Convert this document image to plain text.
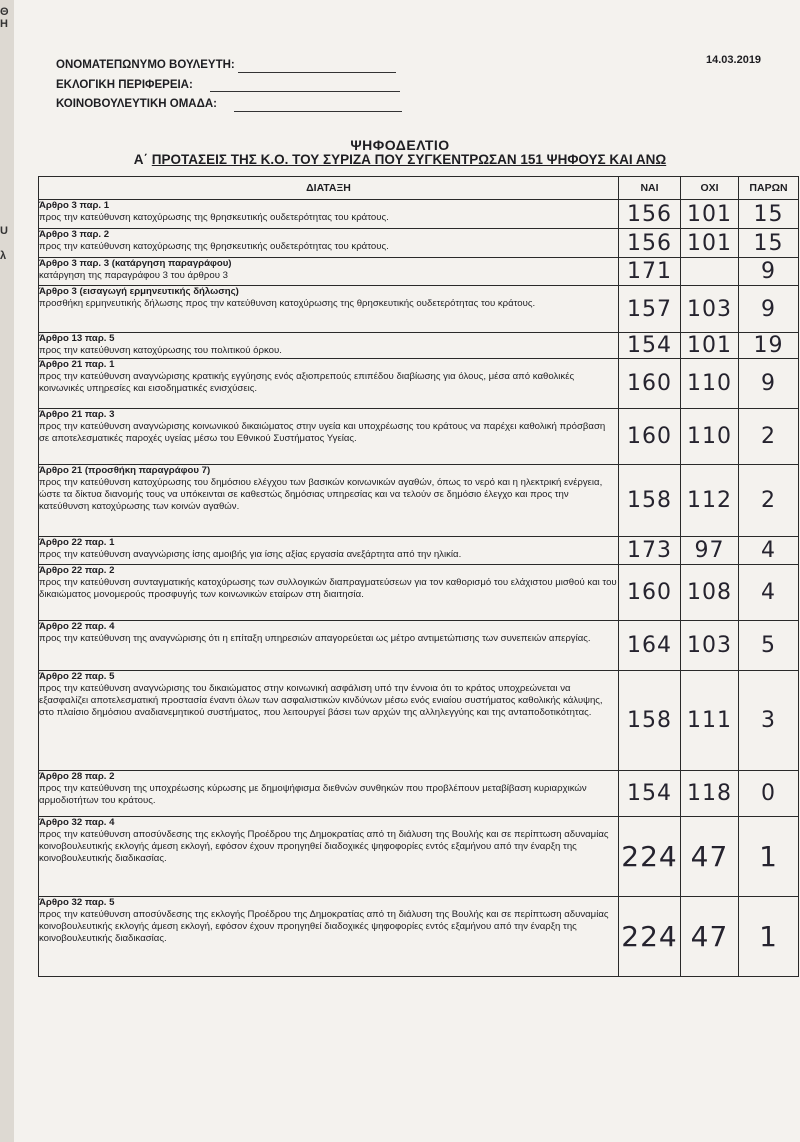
Θ Η
U
λ
ΟΝΟΜΑΤΕΠΩΝΥΜΟ ΒΟΥΛΕΥΤΗ:
ΕΚΛΟΓΙΚΗ ΠΕΡΙΦΕΡΕΙΑ:
ΚΟΙΝΟΒΟΥΛΕΥΤΙΚΗ ΟΜΑΔΑ:
14.03.2019
ΨΗΦΟΔΕΛΤΙΟ
Α΄ ΠΡΟΤΑΣΕΙΣ ΤΗΣ Κ.Ο. ΤΟΥ ΣΥΡΙΖΑ ΠΟΥ ΣΥΓΚΕΝΤΡΩΣΑΝ 151 ΨΗΦΟΥΣ ΚΑΙ ΑΝΩ
ΔΙΑΤΑΞΗ	ΝΑΙ	ΟΧΙ	ΠΑΡΩΝ

Άρθρο 3 παρ. 1
προς την κατεύθυνση κατοχύρωσης της θρησκευτικής ουδετερότητας του κράτους.	156	101	15

Άρθρο 3 παρ. 2
προς την κατεύθυνση κατοχύρωσης της θρησκευτικής ουδετερότητας του κράτους.	156	101	15

Άρθρο 3 παρ. 3 (κατάργηση παραγράφου)
κατάργηση της παραγράφου 3 του άρθρου 3	171		9

Άρθρο 3 (εισαγωγή ερμηνευτικής δήλωσης)
προσθήκη ερμηνευτικής δήλωσης προς την κατεύθυνση κατοχύρωσης της θρησκευτικής ουδετερότητας του κράτους.	157	103	9

Άρθρο 13 παρ. 5
προς την κατεύθυνση κατοχύρωσης του πολιτικού όρκου.	154	101	19

Άρθρο 21 παρ. 1
προς την κατεύθυνση αναγνώρισης κρατικής εγγύησης ενός αξιοπρεπούς επιπέδου διαβίωσης για όλους, μέσα από καθολικές κοινωνικές υπηρεσίες και εισοδηματικές ενισχύσεις.	160	110	9

Άρθρο 21 παρ. 3
προς την κατεύθυνση αναγνώρισης κοινωνικού δικαιώματος στην υγεία και υποχρέωσης του κράτους να παρέχει καθολική πρόσβαση σε αποτελεσματικές παροχές υγείας μέσω του Εθνικού Συστήματος Υγείας.	160	110	2

Άρθρο 21 (προσθήκη παραγράφου 7)
προς την κατεύθυνση κατοχύρωσης του δημόσιου ελέγχου των βασικών κοινωνικών αγαθών, όπως το νερό και η ηλεκτρική ενέργεια, ώστε τα δίκτυα διανομής τους να υπόκεινται σε καθεστώς δημόσιας υπηρεσίας και να τελούν σε δημόσιο έλεγχο και προς την κατεύθυνση κατοχύρωσης των κοινών αγαθών.	158	112	2

Άρθρο 22 παρ. 1
προς την κατεύθυνση αναγνώρισης ίσης αμοιβής για ίσης αξίας εργασία ανεξάρτητα από την ηλικία.	173	97	4

Άρθρο 22 παρ. 2
προς την κατεύθυνση συνταγματικής κατοχύρωσης των συλλογικών διαπραγματεύσεων για τον καθορισμό του ελάχιστου μισθού και του δικαιώματος μονομερούς προσφυγής των κοινωνικών εταίρων στη διαιτησία.	160	108	4

Άρθρο 22 παρ. 4
προς την κατεύθυνση της αναγνώρισης ότι η επίταξη υπηρεσιών απαγορεύεται ως μέτρο αντιμετώπισης των συνεπειών απεργίας.	164	103	5

Άρθρο 22 παρ. 5
προς την κατεύθυνση αναγνώρισης του δικαιώματος στην κοινωνική ασφάλιση υπό την έννοια ότι το κράτος υποχρεώνεται να εξασφαλίζει αποτελεσματική προστασία έναντι όλων των ασφαλιστικών κινδύνων μέσω ενός ενιαίου συστήματος καθολικής κάλυψης, στο πλαίσιο δημόσιου αναδιανεμητικού συστήματος, που λειτουργεί βάσει των αρχών της αλληλεγγύης και της ανταποδοτικότητας.	158	111	3

Άρθρο 28 παρ. 2
προς την κατεύθυνση της υποχρέωσης κύρωσης με δημοψήφισμα διεθνών συνθηκών που προβλέπουν μεταβίβαση κυριαρχικών αρμοδιοτήτων του κράτους.	154	118	0

Άρθρο 32 παρ. 4
προς την κατεύθυνση αποσύνδεσης της εκλογής Προέδρου της Δημοκρατίας από τη διάλυση της Βουλής και σε περίπτωση αδυναμίας κοινοβουλευτικής εκλογής άμεση εκλογή, εφόσον έχουν προηγηθεί διαδοχικές ψηφοφορίες εντός εξαμήνου από την έναρξη της κοινοβουλευτικής διαδικασίας.	224	47	1

Άρθρο 32 παρ. 5
προς την κατεύθυνση αποσύνδεσης της εκλογής Προέδρου της Δημοκρατίας από τη διάλυση της Βουλής και σε περίπτωση αδυναμίας κοινοβουλευτικής εκλογής άμεση εκλογή, εφόσον έχουν προηγηθεί διαδοχικές ψηφοφορίες εντός εξαμήνου από την έναρξη της κοινοβουλευτικής διαδικασίας.	224	47	1
